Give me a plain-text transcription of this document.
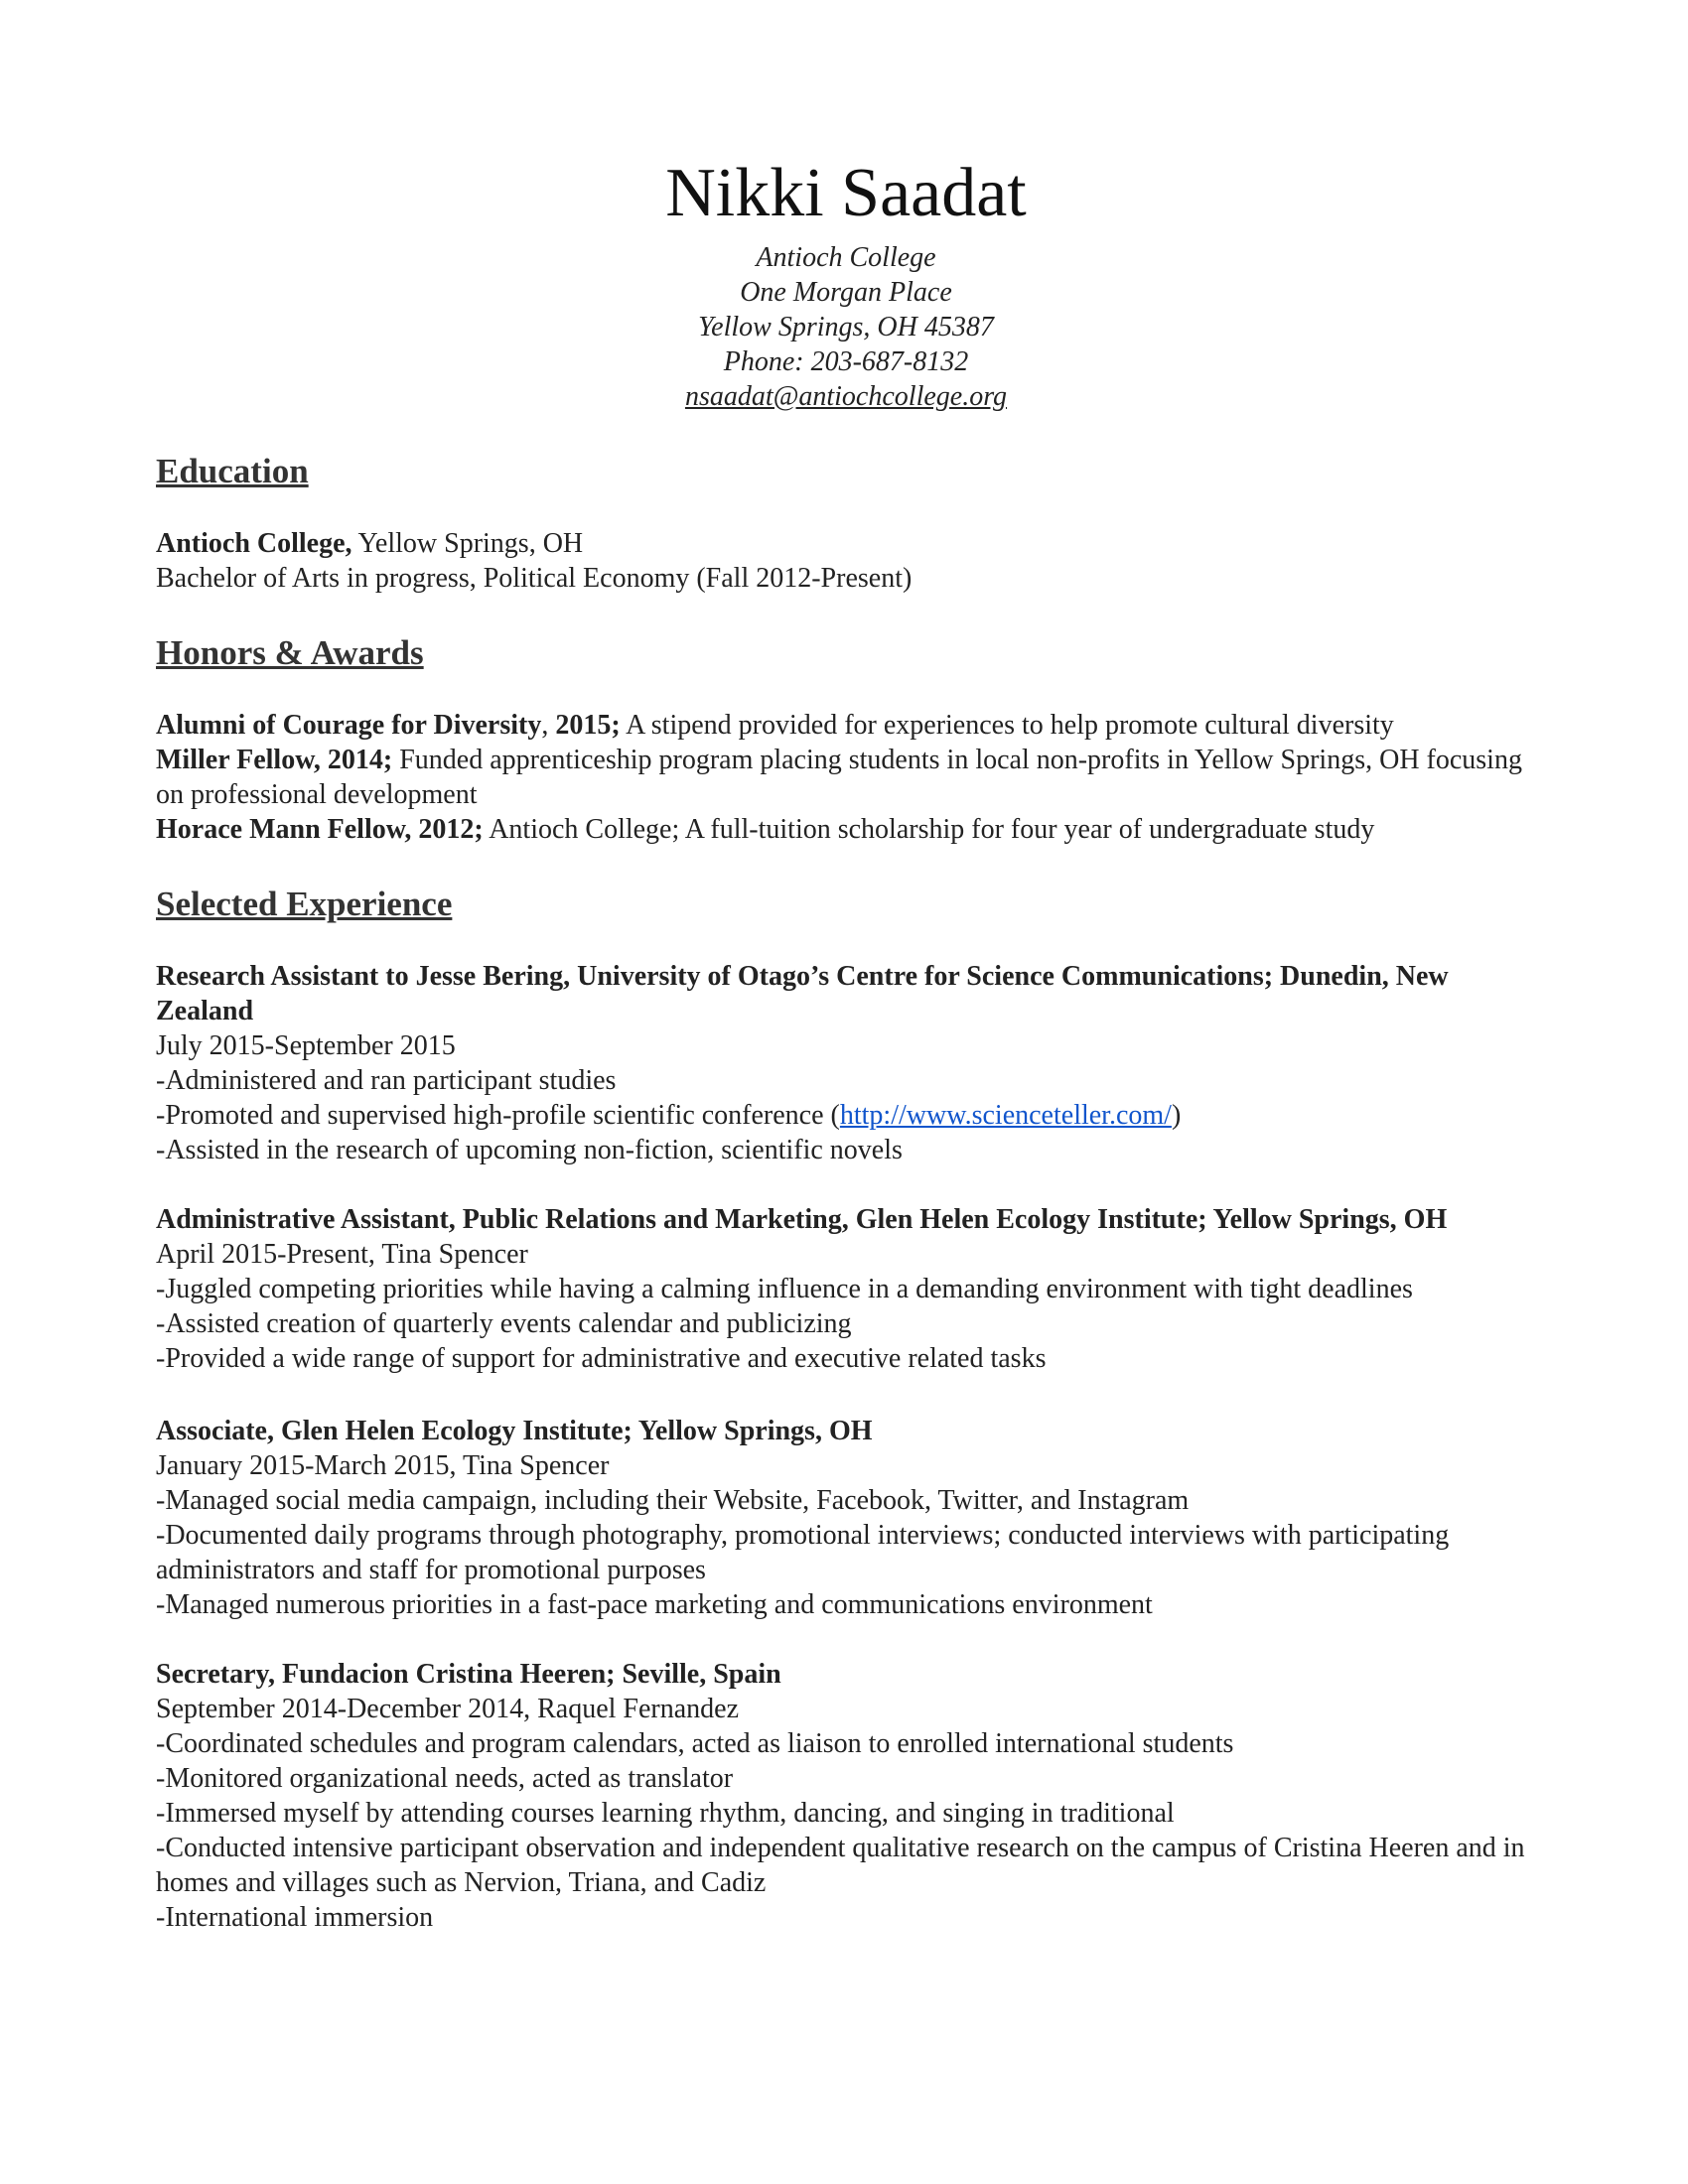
Nikki Saadat

Antioch College

One Morgan Place

Yellow Springs, OH 45387

Phone: 203-687-8132

nsaadat@antiochcollege.org

Education

Antioch College, Yellow Springs, OH

Bachelor of Arts in progress, Political Economy (Fall 2012-Present)

Honors & Awards

Alumni of Courage for Diversity, 2015; A stipend provided for experiences to help promote cultural diversity

Miller Fellow, 2014; Funded apprenticeship program placing students in local non-profits in Yellow Springs, OH focusing on professional development

Horace Mann Fellow, 2012; Antioch College; A full-tuition scholarship for four year of undergraduate study

Selected Experience

Research Assistant to Jesse Bering, University of Otago’s Centre for Science Communications; Dunedin, New Zealand

July 2015-September 2015

-Administered and ran participant studies

-Promoted and supervised high-profile scientific conference (http://www.scienceteller.com/)

-Assisted in the research of upcoming non-fiction, scientific novels

Administrative Assistant, Public Relations and Marketing, Glen Helen Ecology Institute; Yellow Springs, OH

April 2015-Present, Tina Spencer

-Juggled competing priorities while having a calming influence in a demanding environment with tight deadlines

-Assisted creation of quarterly events calendar and publicizing

-Provided a wide range of support for administrative and executive related tasks

Associate, Glen Helen Ecology Institute; Yellow Springs, OH

January 2015-March 2015, Tina Spencer

-Managed social media campaign, including their Website, Facebook, Twitter, and Instagram

-Documented daily programs through photography, promotional interviews; conducted interviews with participating administrators and staff for promotional purposes

-Managed numerous priorities in a fast-pace marketing and communications environment

Secretary, Fundacion Cristina Heeren; Seville, Spain

September 2014-December 2014, Raquel Fernandez

-Coordinated schedules and program calendars, acted as liaison to enrolled international students

-Monitored organizational needs, acted as translator

-Immersed myself by attending courses learning rhythm, dancing, and singing in traditional

-Conducted intensive participant observation and independent qualitative research on the campus of Cristina Heeren and in homes and villages such as Nervion, Triana, and Cadiz

-International immersion
